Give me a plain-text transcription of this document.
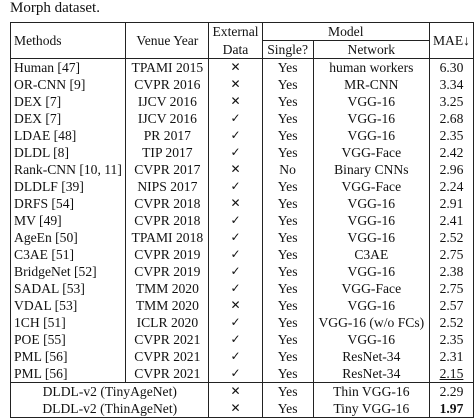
Morph dataset.
Methods	Venue Year	External	Model		MAE↓
		Data	Single?	Network	
Human [47]	TPAMI 2015	✕	Yes	human workers	6.30
OR-CNN [9]	CVPR 2016	✕	Yes	MR-CNN	3.34
DEX [7]	IJCV 2016	✕	Yes	VGG-16	3.25
DEX [7]	IJCV 2016	✓	Yes	VGG-16	2.68
LDAE [48]	PR 2017	✓	Yes	VGG-16	2.35
DLDL [8]	TIP 2017	✓	Yes	VGG-Face	2.42
Rank-CNN [10, 11]	CVPR 2017	✕	No	Binary CNNs	2.96
DLDLF [39]	NIPS 2017	✓	Yes	VGG-Face	2.24
DRFS [54]	CVPR 2018	✕	Yes	VGG-16	2.91
MV [49]	CVPR 2018	✓	Yes	VGG-16	2.41
AgeEn [50]	TPAMI 2018	✓	Yes	VGG-16	2.52
C3AE [51]	CVPR 2019	✓	Yes	C3AE	2.75
BridgeNet [52]	CVPR 2019	✓	Yes	VGG-16	2.38
SADAL [53]	TMM 2020	✓	Yes	VGG-Face	2.75
VDAL [53]	TMM 2020	✕	Yes	VGG-16	2.57
1CH [51]	ICLR 2020	✓	Yes	VGG-16 (w/o FCs)	2.52
POE [55]	CVPR 2021	✓	Yes	VGG-16	2.35
PML [56]	CVPR 2021	✓	Yes	ResNet-34	2.31
PML [56]	CVPR 2021	✓	Yes	ResNet-34	2.15
DLDL-v2 (TinyAgeNet)		✕	Yes	Thin VGG-16	2.29
DLDL-v2 (ThinAgeNet)		✕	Yes	Tiny VGG-16	1.97
